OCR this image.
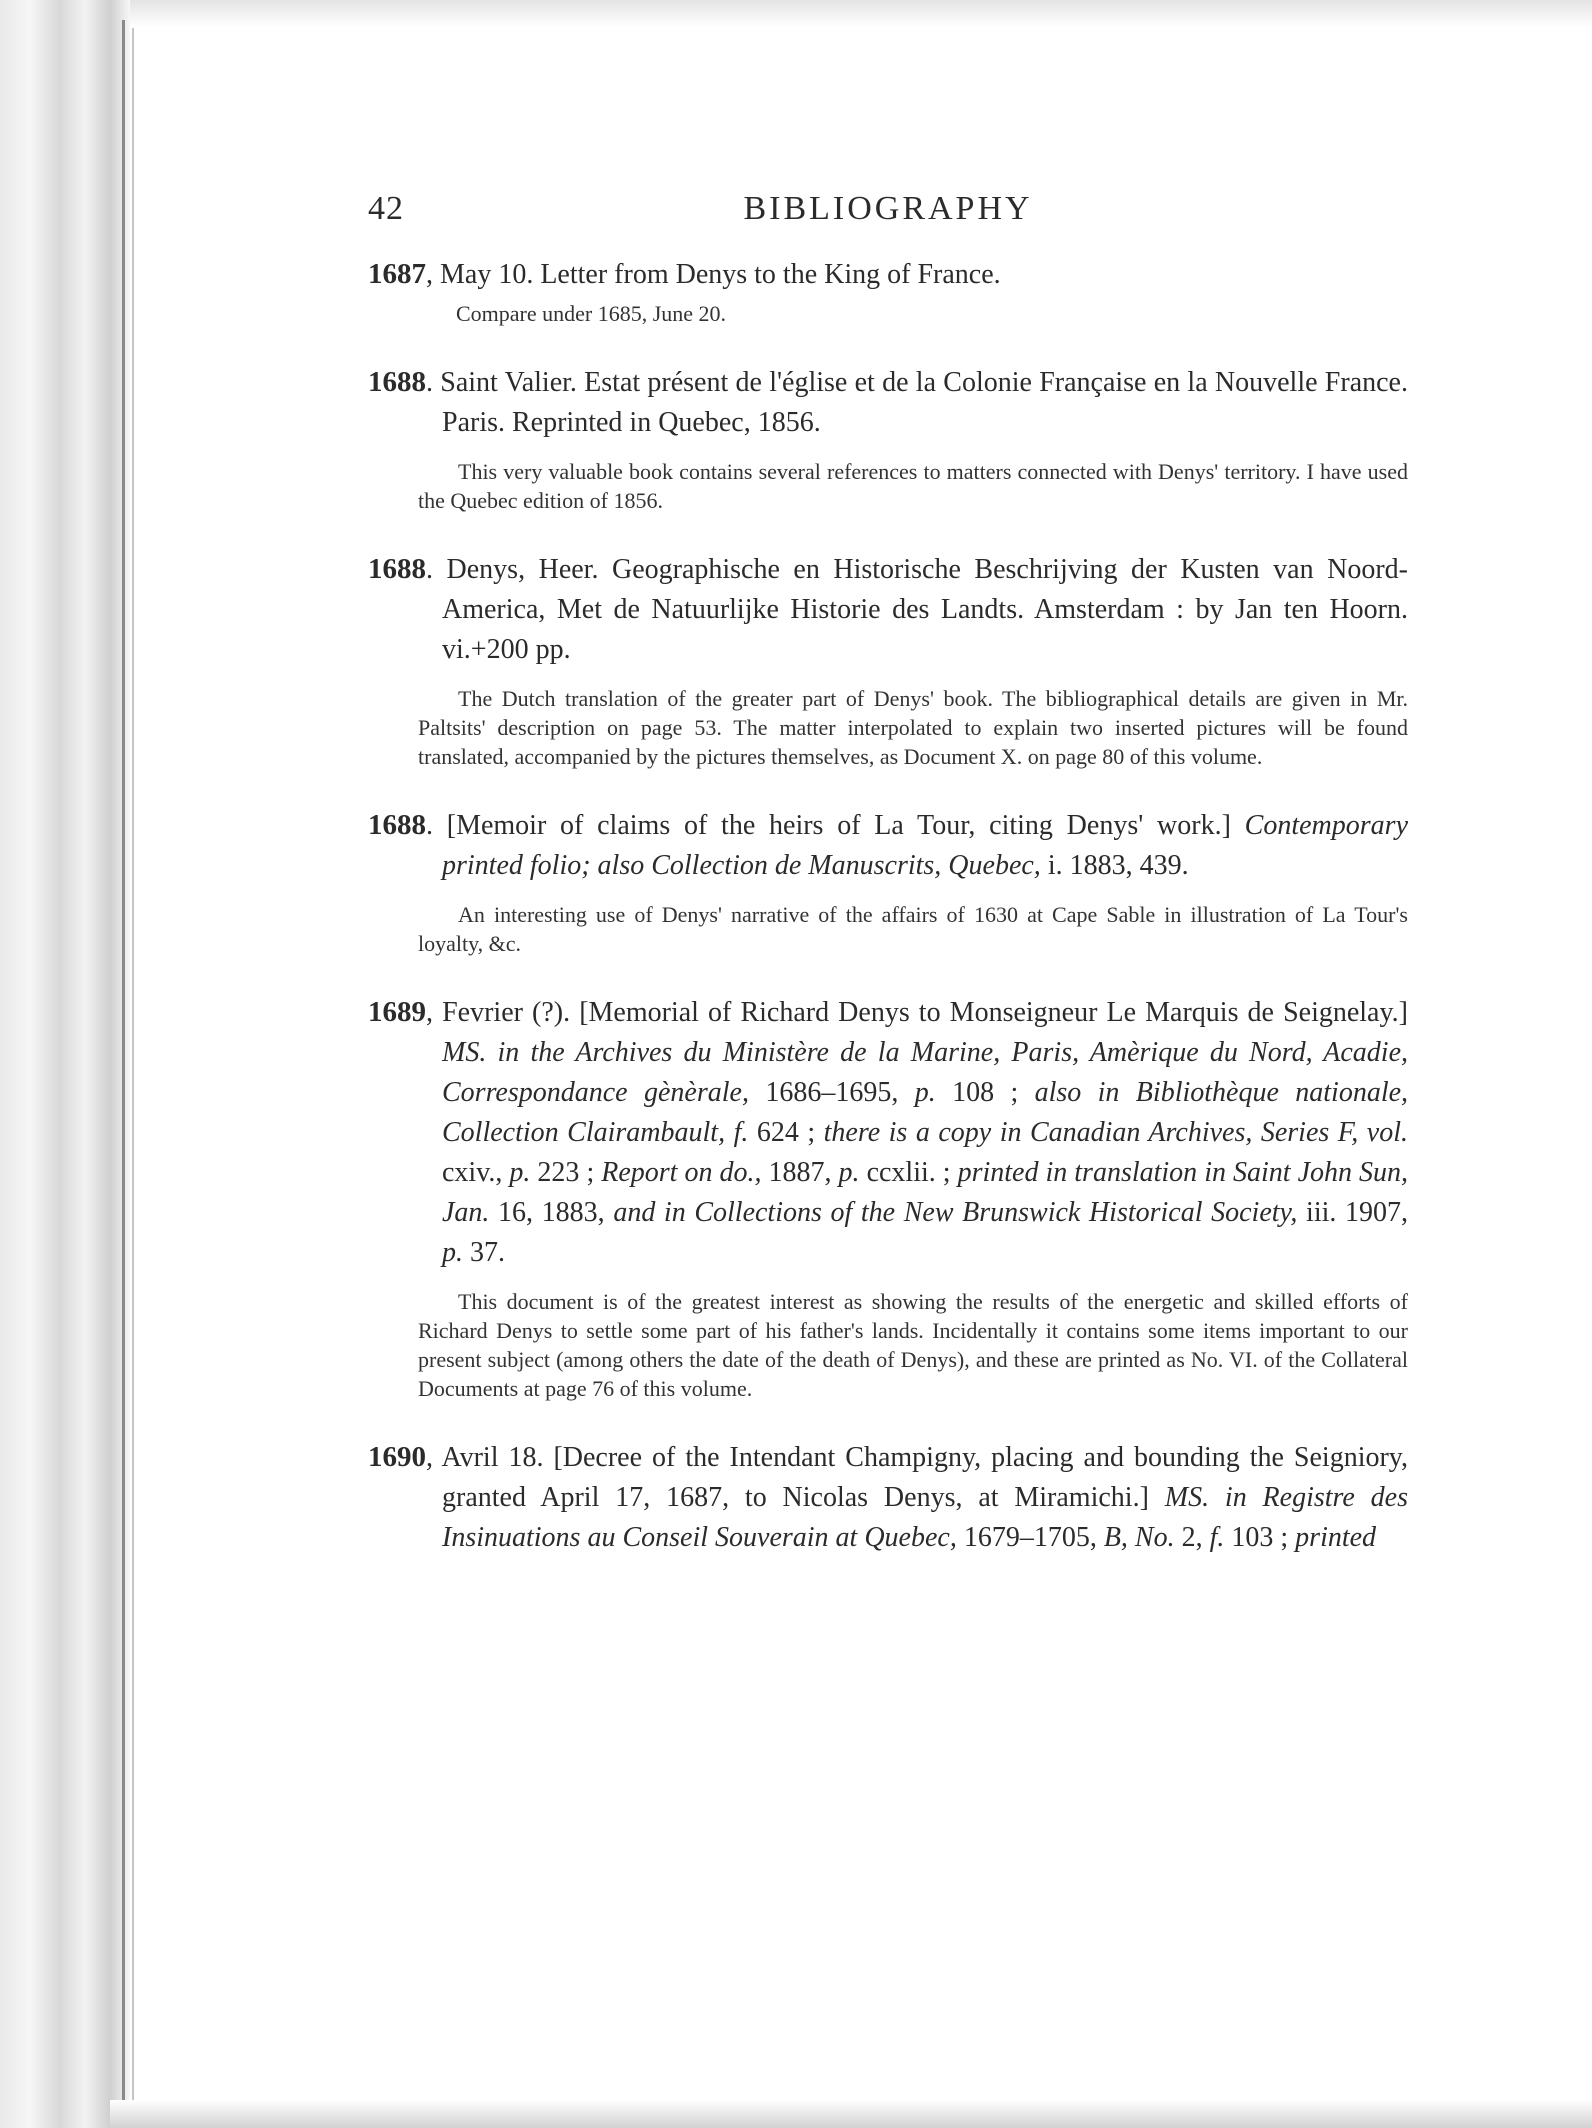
42	BIBLIOGRAPHY
1687, May 10. Letter from Denys to the King of France.
Compare under 1685, June 20.
1688. Saint Valier. Estat présent de l'église et de la Colonie Française en la Nouvelle France. Paris. Reprinted in Quebec, 1856.
This very valuable book contains several references to matters connected with Denys' territory. I have used the Quebec edition of 1856.
1688. Denys, Heer. Geographische en Historische Beschrijving der Kusten van Noord-America, Met de Natuurlijke Historie des Landts. Amsterdam : by Jan ten Hoorn. vi.+200 pp.
The Dutch translation of the greater part of Denys' book. The bibliographical details are given in Mr. Paltsits' description on page 53. The matter interpolated to explain two inserted pictures will be found translated, accompanied by the pictures themselves, as Document X. on page 80 of this volume.
1688. [Memoir of claims of the heirs of La Tour, citing Denys' work.] Contemporary printed folio; also Collection de Manuscrits, Quebec, i. 1883, 439.
An interesting use of Denys' narrative of the affairs of 1630 at Cape Sable in illustration of La Tour's loyalty, &c.
1689, Fevrier (?). [Memorial of Richard Denys to Monseigneur Le Marquis de Seignelay.] MS. in the Archives du Ministère de la Marine, Paris, Amèrique du Nord, Acadie, Correspondance gènèrale, 1686–1695, p. 108 ; also in Bibliothèque nationale, Collection Clairambault, f. 624 ; there is a copy in Canadian Archives, Series F, vol. cxiv., p. 223 ; Report on do., 1887, p. ccxlii. ; printed in translation in Saint John Sun, Jan. 16, 1883, and in Collections of the New Brunswick Historical Society, iii. 1907, p. 37.
This document is of the greatest interest as showing the results of the energetic and skilled efforts of Richard Denys to settle some part of his father's lands. Incidentally it contains some items important to our present subject (among others the date of the death of Denys), and these are printed as No. VI. of the Collateral Documents at page 76 of this volume.
1690, Avril 18. [Decree of the Intendant Champigny, placing and bounding the Seigniory, granted April 17, 1687, to Nicolas Denys, at Miramichi.] MS. in Registre des Insinuations au Conseil Souverain at Quebec, 1679–1705, B, No. 2, f. 103 ; printed
